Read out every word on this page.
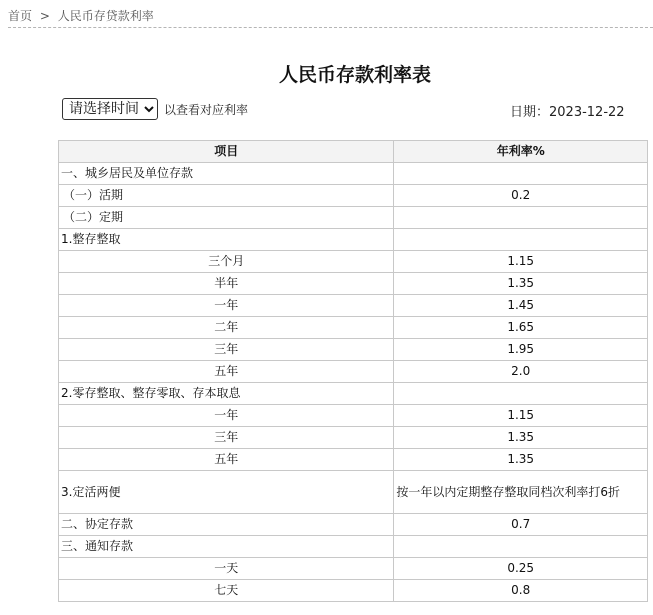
首页 > 人民币存贷款利率
人民币存款利率表
请选择时间
以查看对应利率	日期：2023-12-22
项目	年利率%
一、城乡居民及单位存款	
（一）活期	0.2
（二）定期	
1.整存整取	
三个月	1.15
半年	1.35
一年	1.45
二年	1.65
三年	1.95
五年	2.0
2.零存整取、整存零取、存本取息	
一年	1.15
三年	1.35
五年	1.35
3.定活两便	按一年以内定期整存整取同档次利率打6折
二、协定存款	0.7
三、通知存款	
一天	0.25
七天	0.8
